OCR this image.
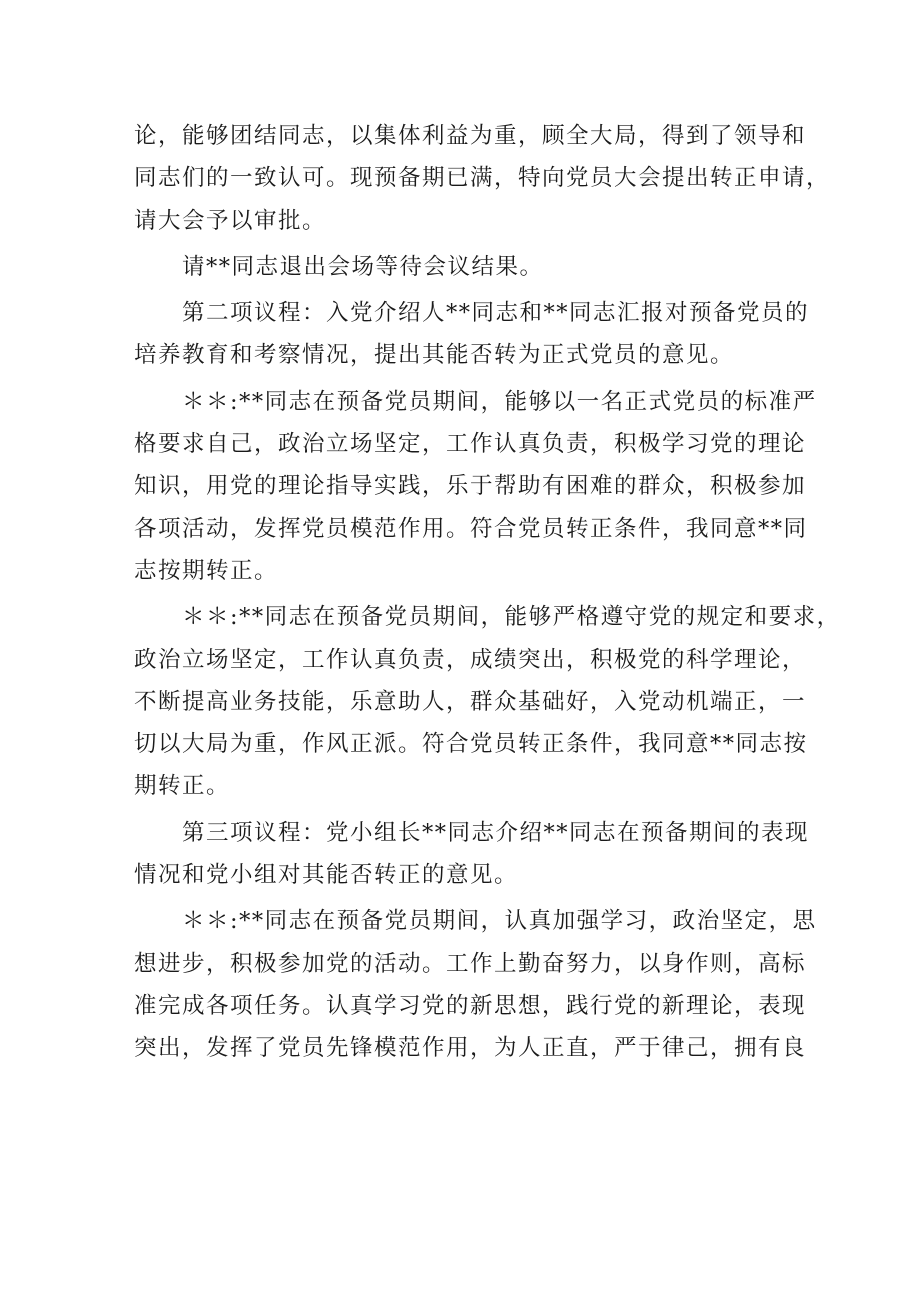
论，能够团结同志，以集体利益为重，顾全大局，得到了领导和
同志们的一致认可。现预备期已满，特向党员大会提出转正申请，
请大会予以审批。
　　请**同志退出会场等待会议结果。
　　第二项议程：入党介绍人**同志和**同志汇报对预备党员的
培养教育和考察情况，提出其能否转为正式党员的意见。
　　＊＊:**同志在预备党员期间，能够以一名正式党员的标准严
格要求自己，政治立场坚定，工作认真负责，积极学习党的理论
知识，用党的理论指导实践，乐于帮助有困难的群众，积极参加
各项活动，发挥党员模范作用。符合党员转正条件，我同意**同
志按期转正。
　　＊＊:**同志在预备党员期间，能够严格遵守党的规定和要求，
政治立场坚定，工作认真负责，成绩突出，积极党的科学理论，
不断提高业务技能，乐意助人，群众基础好，入党动机端正，一
切以大局为重，作风正派。符合党员转正条件，我同意**同志按
期转正。
　　第三项议程：党小组长**同志介绍**同志在预备期间的表现
情况和党小组对其能否转正的意见。
　　＊＊:**同志在预备党员期间，认真加强学习，政治坚定，思
想进步，积极参加党的活动。工作上勤奋努力，以身作则，高标
准完成各项任务。认真学习党的新思想，践行党的新理论，表现
突出，发挥了党员先锋模范作用，为人正直，严于律己，拥有良
